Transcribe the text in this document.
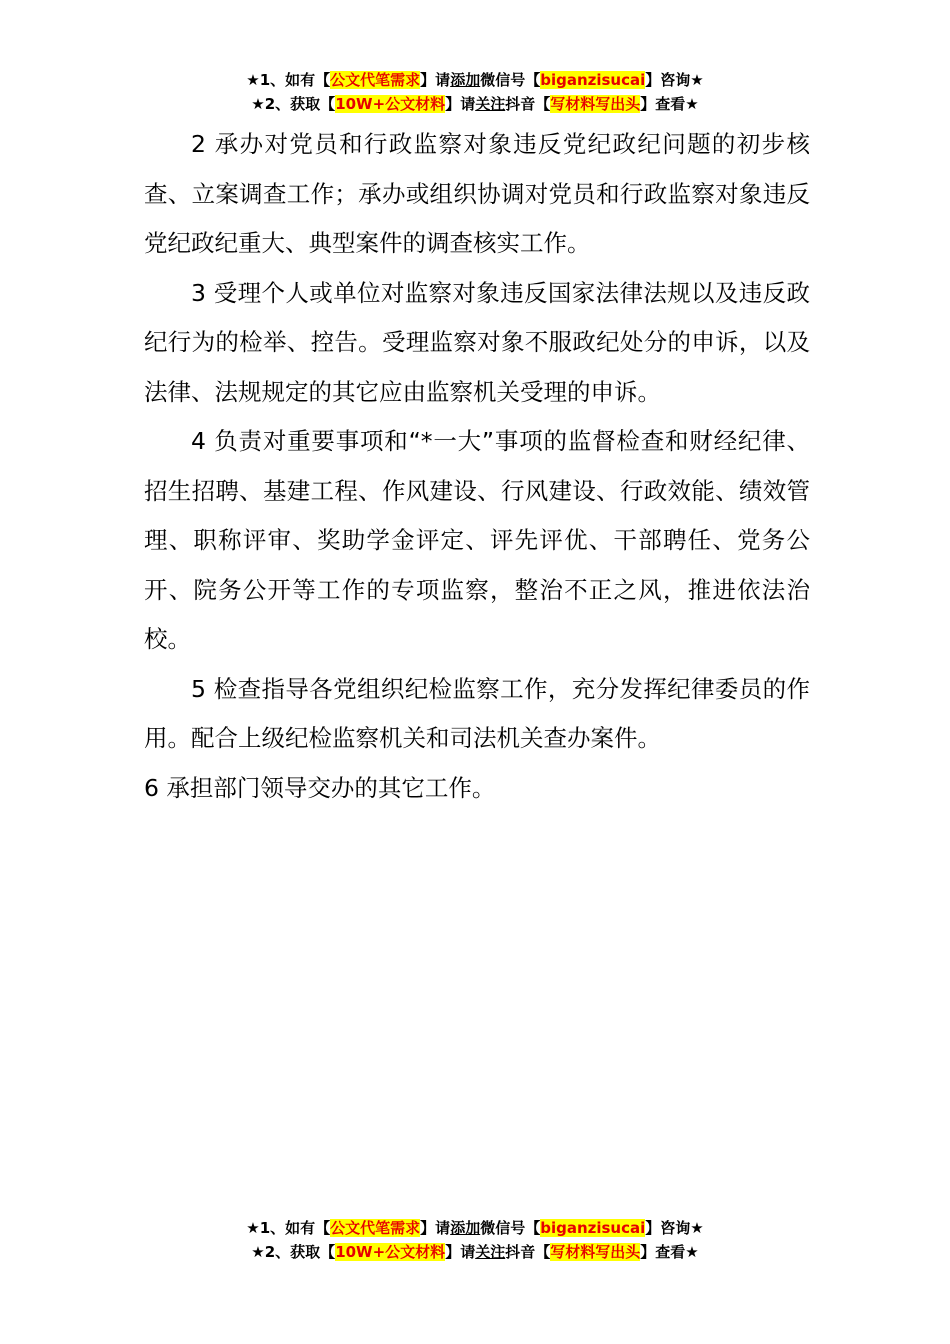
★1、如有【公文代笔需求】请添加微信号【biganzisucai】咨询★
★2、获取【10W+公文材料】请关注抖音【写材料写出头】查看★

2 承办对党员和行政监察对象违反党纪政纪问题的初步核查、立案调查工作；承办或组织协调对党员和行政监察对象违反党纪政纪重大、典型案件的调查核实工作。

3 受理个人或单位对监察对象违反国家法律法规以及违反政纪行为的检举、控告。受理监察对象不服政纪处分的申诉，以及法律、法规规定的其它应由监察机关受理的申诉。

4 负责对重要事项和“*一大”事项的监督检查和财经纪律、招生招聘、基建工程、作风建设、行风建设、行政效能、绩效管理、职称评审、奖助学金评定、评先评优、干部聘任、党务公开、院务公开等工作的专项监察，整治不正之风，推进依法治校。

5 检查指导各党组织纪检监察工作，充分发挥纪律委员的作用。配合上级纪检监察机关和司法机关查办案件。

6 承担部门领导交办的其它工作。

★1、如有【公文代笔需求】请添加微信号【biganzisucai】咨询★
★2、获取【10W+公文材料】请关注抖音【写材料写出头】查看★
